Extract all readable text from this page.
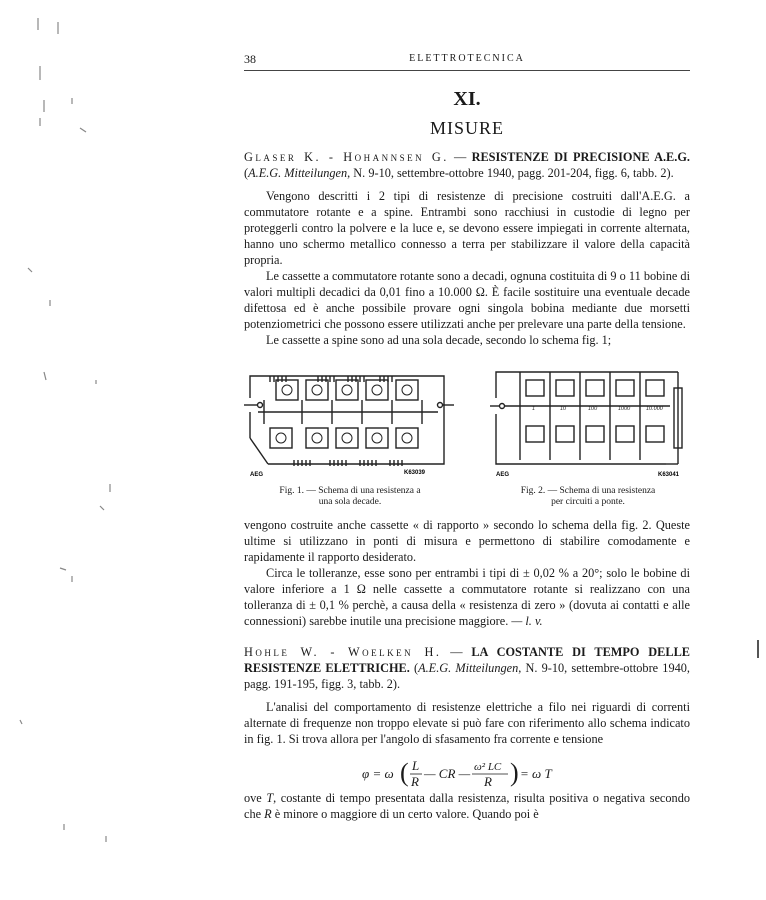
38	ELETTROTECNICA
XI.
MISURE

Glaser K. - Hohannsen G. — RESISTENZE DI PRECISIONE A.E.G. (A.E.G. Mitteilungen, N. 9-10, settembre-ottobre 1940, pagg. 201-204, figg. 6, tabb. 2).

Vengono descritti i 2 tipi di resistenze di precisione costruiti dall'A.E.G. a commutatore rotante e a spine. Entrambi sono racchiusi in custodie di legno per proteggerli contro la polvere e la luce e, se devono essere impiegati in corrente alternata, hanno uno schermo metallico connesso a terra per stabilizzare il valore della capacità propria.

Le cassette a commutatore rotante sono a decadi, ognuna costituita di 9 o 11 bobine di valori multipli decadici da 0,01 fino a 10.000 Ω. È facile sostituire una eventuale decade difettosa ed è anche possibile provare ogni singola bobina mediante due morsetti potenziometrici che possono essere utilizzati anche per prelevare una parte della tensione.

Le cassette a spine sono ad una sola decade, secondo lo schema fig. 1;

AEG	K63039
1	10	100	1000	10.000
AEG	K63041
Fig. 1. — Schema di una resistenza a
una sola decade.
Fig. 2. — Schema di una resistenza
per circuiti a ponte.

vengono costruite anche cassette « di rapporto » secondo lo schema della fig. 2. Queste ultime si utilizzano in ponti di misura e permettono di stabilire comodamente e rapidamente il rapporto desiderato.

Circa le tolleranze, esse sono per entrambi i tipi di ± 0,02 % a 20°; solo le bobine di valore inferiore a 1 Ω nelle cassette a commutatore rotante si realizzano con una tolleranza di ± 0,1 % perchè, a causa della « resistenza di zero » (dovuta ai contatti e alle connessioni) sarebbe inutile una precisione maggiore. — l. v.

Hohle W. - Woelken H. — LA COSTANTE DI TEMPO DELLE RESISTENZE ELETTRICHE. (A.E.G. Mitteilungen, N. 9-10, settembre-ottobre 1940, pagg. 191-195, figg. 3, tabb. 2).

L'analisi del comportamento di resistenze elettriche a filo nei riguardi di correnti alternate di frequenze non troppo elevate si può fare con riferimento allo schema indicato in fig. 1. Si trova allora per l'angolo di sfasamento fra corrente e tensione

φ = ω ( L
R
— CR — ω² LC
R ) = ω T

ove T, costante di tempo presentata dalla resistenza, risulta positiva o negativa secondo che R è minore o maggiore di un certo valore. Quando poi è
